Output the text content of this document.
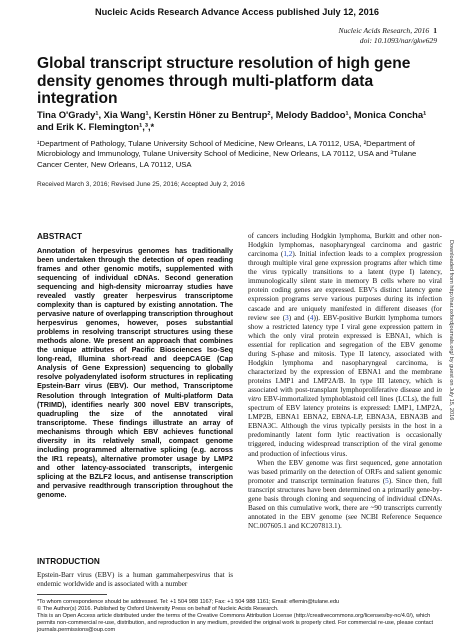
Nucleic Acids Research Advance Access published July 12, 2016
Nucleic Acids Research, 2016 1
doi: 10.1093/nar/gkw629
Global transcript structure resolution of high gene density genomes through multi-platform data integration
Tina O'Grady¹, Xia Wang¹, Kerstin Höner zu Bentrup², Melody Baddoo¹, Monica Concha¹ and Erik K. Flemington¹,³,*
¹Department of Pathology, Tulane University School of Medicine, New Orleans, LA 70112, USA, ²Department of Microbiology and Immunology, Tulane University School of Medicine, New Orleans, LA 70112, USA and ³Tulane Cancer Center, New Orleans, LA 70112, USA
Received March 3, 2016; Revised June 25, 2016; Accepted July 2, 2016
ABSTRACT
Annotation of herpesvirus genomes has traditionally been undertaken through the detection of open reading frames and other genomic motifs, supplemented with sequencing of individual cDNAs. Second generation sequencing and high-density microarray studies have revealed vastly greater herpesvirus transcriptome complexity than is captured by existing annotation. The pervasive nature of overlapping transcription throughout herpesvirus genomes, however, poses substantial problems in resolving transcript structures using these methods alone. We present an approach that combines the unique attributes of Pacific Biosciences Iso-Seq long-read, Illumina short-read and deepCAGE (Cap Analysis of Gene Expression) sequencing to globally resolve polyadenylated isoform structures in replicating Epstein-Barr virus (EBV). Our method, Transcriptome Resolution through Integration of Multi-platform Data (TRIMD), identifies nearly 300 novel EBV transcripts, quadrupling the size of the annotated viral transcriptome. These findings illustrate an array of mechanisms through which EBV achieves functional diversity in its relatively small, compact genome including programmed alternative splicing (e.g. across the IR1 repeats), alternative promoter usage by LMP2 and other latency-associated transcripts, intergenic splicing at the BZLF2 locus, and antisense transcription and pervasive readthrough transcription throughout the genome.
INTRODUCTION
Epstein-Barr virus (EBV) is a human gammaherpesvirus that is endemic worldwide and is associated with a number

of cancers including Hodgkin lymphoma, Burkitt and other non-Hodgkin lymphomas, nasopharyngeal carcinoma and gastric carcinoma (1,2). Initial infection leads to a complex progression through multiple viral gene expression programs after which time the virus typically transitions to a latent (type I) latency, immunologically silent state in memory B cells where no viral protein coding genes are expressed. EBV's distinct latency gene expression programs serve various purposes during its infection cascade and are uniquely manifested in different diseases (for review see (3) and (4)). EBV-positive Burkitt lymphoma tumors show a restricted latency type I viral gene expression pattern in which the only viral protein expressed is EBNA1, which is essential for replication and segregation of the EBV genome during S-phase and mitosis. Type II latency, associated with Hodgkin lymphoma and nasopharyngeal carcinoma, is characterized by the expression of EBNA1 and the membrane proteins LMP1 and LMP2A/B. In type III latency, which is associated with post-transplant lymphoproliferative disease and in vitro EBV-immortalized lymphoblastoid cell lines (LCLs), the full spectrum of EBV latency proteins is expressed: LMP1, LMP2A, LMP2B, EBNA1 EBNA2, EBNA-LP, EBNA3A, EBNA3B and EBNA3C. Although the virus typically persists in the host in a predominantly latent form lytic reactivation is occasionally triggered, inducing widespread transcription of the viral genome and production of infectious virus.

When the EBV genome was first sequenced, gene annotation was based primarily on the detection of ORFs and salient genomic promoter and transcript termination features (5). Since then, full transcript structures have been determined on a primarily gene-by-gene basis through cloning and sequencing of individual cDNAs. Based on this cumulative work, there are ~90 transcripts currently annotated in the EBV genome (see NCBI Reference Sequence NC.007605.1 and KC207813.1).

*To whom correspondence should be addressed. Tel: +1 504 988 1167; Fax: +1 504 988 1161; Email: eflemin@tulane.edu
© The Author(s) 2016. Published by Oxford University Press on behalf of Nucleic Acids Research.
This is an Open Access article distributed under the terms of the Creative Commons Attribution License (http://creativecommons.org/licenses/by-nc/4.0/), which permits non-commercial re-use, distribution, and reproduction in any medium, provided the original work is properly cited. For commercial re-use, please contact journals.permissions@oup.com
Downloaded from http://nar.oxfordjournals.org/ by guest on July 15, 2016
